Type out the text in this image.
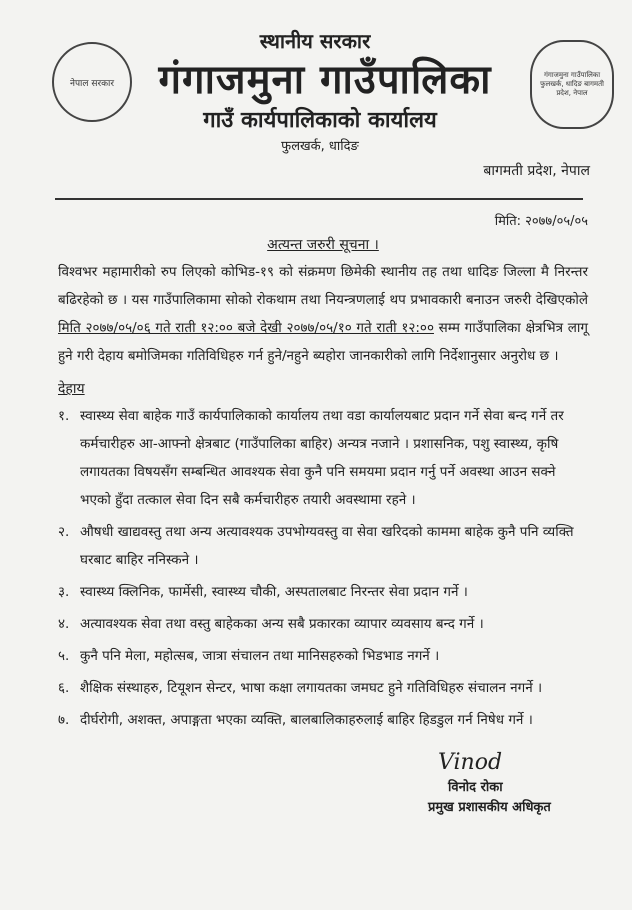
नेपाल सरकार
गंगाजमुना गाउँपालिका फुलखर्क, धादिङ बागमती प्रदेश, नेपाल
स्थानीय सरकार
गंगाजमुना गाउँपालिका
गाउँ कार्यपालिकाको कार्यालय
फुलखर्क, धादिङ
बागमती प्रदेश, नेपाल
मिति: २०७७/०५/०५
अत्यन्त जरुरी सूचना ।
विश्वभर महामारीको रुप लिएको कोभिड-१९ को संक्रमण छिमेकी स्थानीय तह तथा धादिङ जिल्ला मै निरन्तर बढिरहेको छ । यस गाउँपालिकामा सोको रोकथाम तथा नियन्त्रणलाई थप प्रभावकारी बनाउन जरुरी देखिएकोले मिति २०७७/०५/०६ गते राती १२:०० बजे देखी २०७७/०५/१० गते राती १२:०० सम्म गाउँपालिका क्षेत्रभित्र लागू हुने गरी देहाय बमोजिमका गतिविधिहरु गर्न हुने/नहुने ब्यहोरा जानकारीको लागि निर्देशानुसार अनुरोध छ ।
देहाय
१. स्वास्थ्य सेवा बाहेक गाउँ कार्यपालिकाको कार्यालय तथा वडा कार्यालयबाट प्रदान गर्ने सेवा बन्द गर्ने तर कर्मचारीहरु आ-आफ्नो क्षेत्रबाट (गाउँपालिका बाहिर) अन्यत्र नजाने । प्रशासनिक, पशु स्वास्थ्य, कृषि लगायतका विषयसँग सम्बन्धित आवश्यक सेवा कुनै पनि समयमा प्रदान गर्नु पर्ने अवस्था आउन सक्ने भएको हुँदा तत्काल सेवा दिन सबै कर्मचारीहरु तयारी अवस्थामा रहने ।
२. औषधी खाद्यवस्तु तथा अन्य अत्यावश्यक उपभोग्यवस्तु वा सेवा खरिदको काममा बाहेक कुनै पनि व्यक्ति घरबाट बाहिर ननिस्कने ।
३. स्वास्थ्य क्लिनिक, फार्मेसी, स्वास्थ्य चौकी, अस्पतालबाट निरन्तर सेवा प्रदान गर्ने ।
४. अत्यावश्यक सेवा तथा वस्तु बाहेकका अन्य सबै प्रकारका व्यापार व्यवसाय बन्द गर्ने ।
५. कुनै पनि मेला, महोत्सब, जात्रा संचालन तथा मानिसहरुको भिडभाड नगर्ने ।
६. शैक्षिक संस्थाहरु, टियूशन सेन्टर, भाषा कक्षा लगायतका जमघट हुने गतिविधिहरु संचालन नगर्ने ।
७. दीर्घरोगी, अशक्त, अपाङ्गता भएका व्यक्ति, बालबालिकाहरुलाई बाहिर हिडडुल गर्न निषेध गर्ने ।
Vinod
विनोद रोका
प्रमुख प्रशासकीय अधिकृत
